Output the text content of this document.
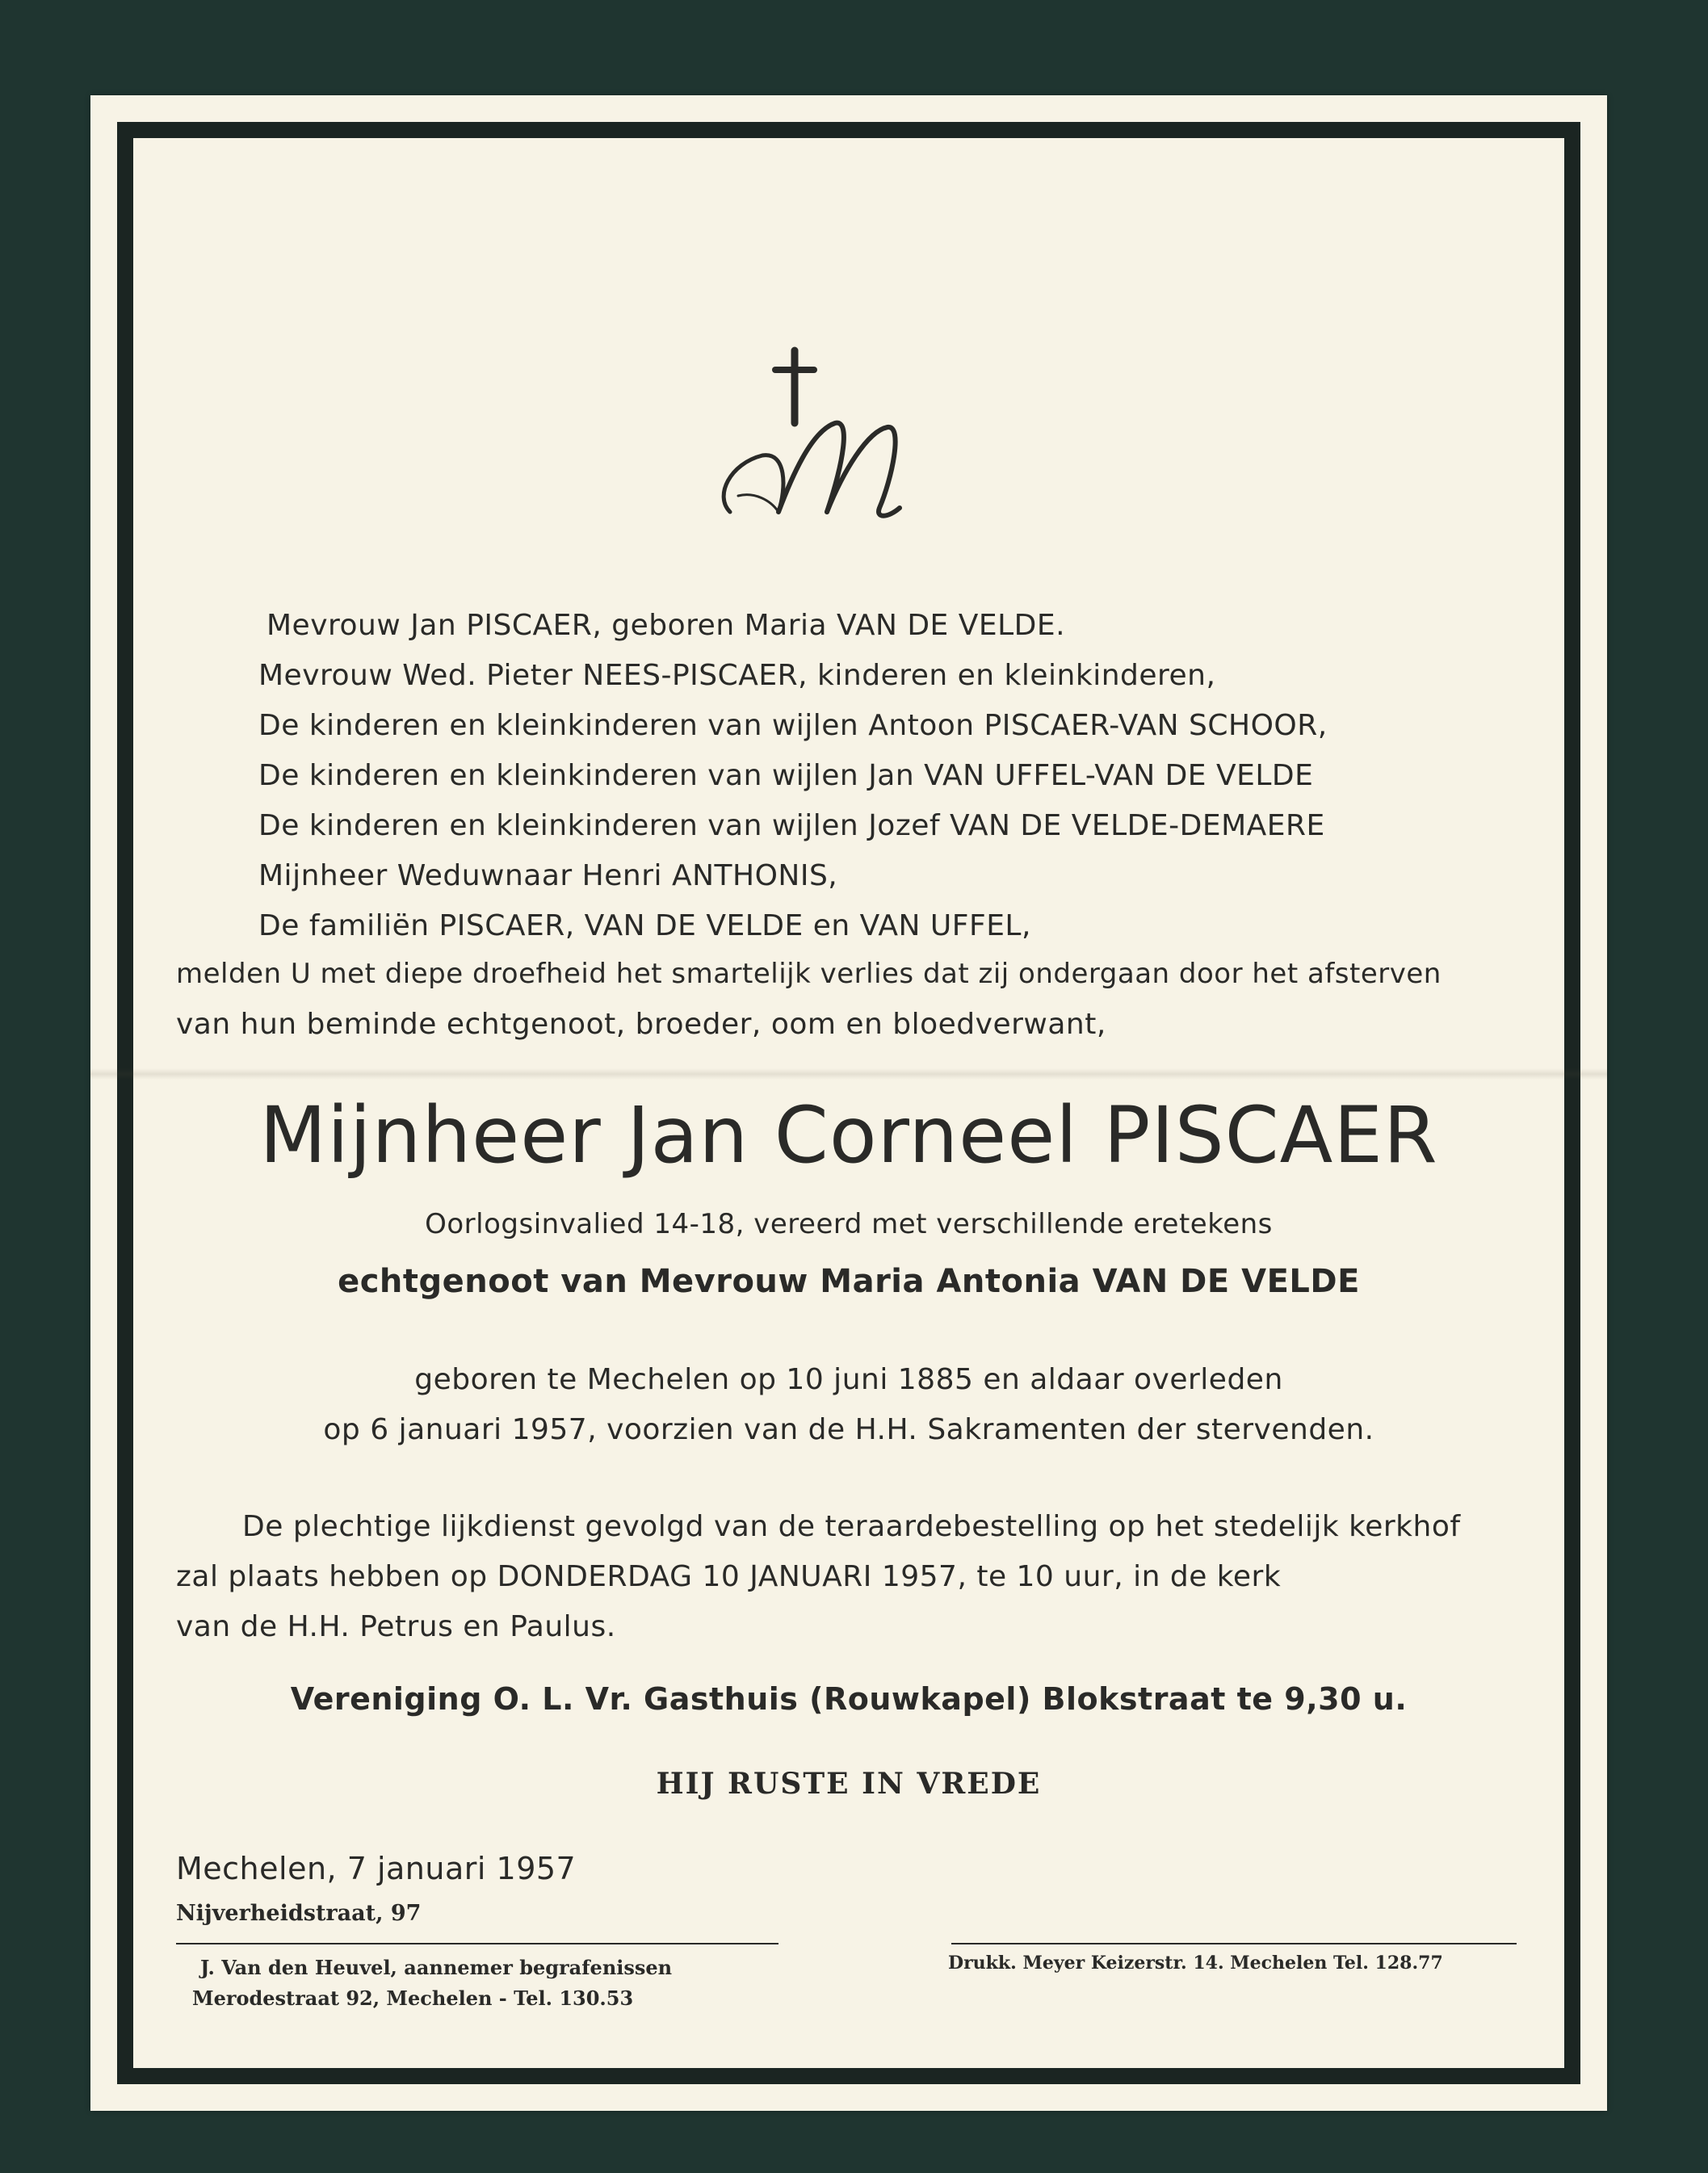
Mevrouw Jan PISCAER, geboren Maria VAN DE VELDE.
Mevrouw Wed. Pieter NEES-PISCAER, kinderen en kleinkinderen,
De kinderen en kleinkinderen van wijlen Antoon PISCAER-VAN SCHOOR,
De kinderen en kleinkinderen van wijlen Jan VAN UFFEL-VAN DE VELDE
De kinderen en kleinkinderen van wijlen Jozef VAN DE VELDE-DEMAERE
Mijnheer Weduwnaar Henri ANTHONIS,
De familiën PISCAER, VAN DE VELDE en VAN UFFEL,
melden U met diepe droefheid het smartelijk verlies dat zij ondergaan door het afsterven
van hun beminde echtgenoot, broeder, oom en bloedverwant,
Mijnheer Jan Corneel PISCAER
Oorlogsinvalied 14-18, vereerd met verschillende eretekens
echtgenoot van Mevrouw Maria Antonia VAN DE VELDE
geboren te Mechelen op 10 juni 1885 en aldaar overleden
op 6 januari 1957, voorzien van de H.H. Sakramenten der stervenden.
De plechtige lijkdienst gevolgd van de teraardebestelling op het stedelijk kerkhof
zal plaats hebben op DONDERDAG 10 JANUARI 1957, te 10 uur, in de kerk
van de H.H. Petrus en Paulus.
Vereniging O. L. Vr. Gasthuis (Rouwkapel) Blokstraat te 9,30 u.
HIJ RUSTE IN VREDE
Mechelen, 7 januari 1957
Nijverheidstraat, 97
J. Van den Heuvel, aannemer begrafenissen
Merodestraat 92, Mechelen - Tel. 130.53
Drukk. Meyer Keizerstr. 14. Mechelen Tel. 128.77
